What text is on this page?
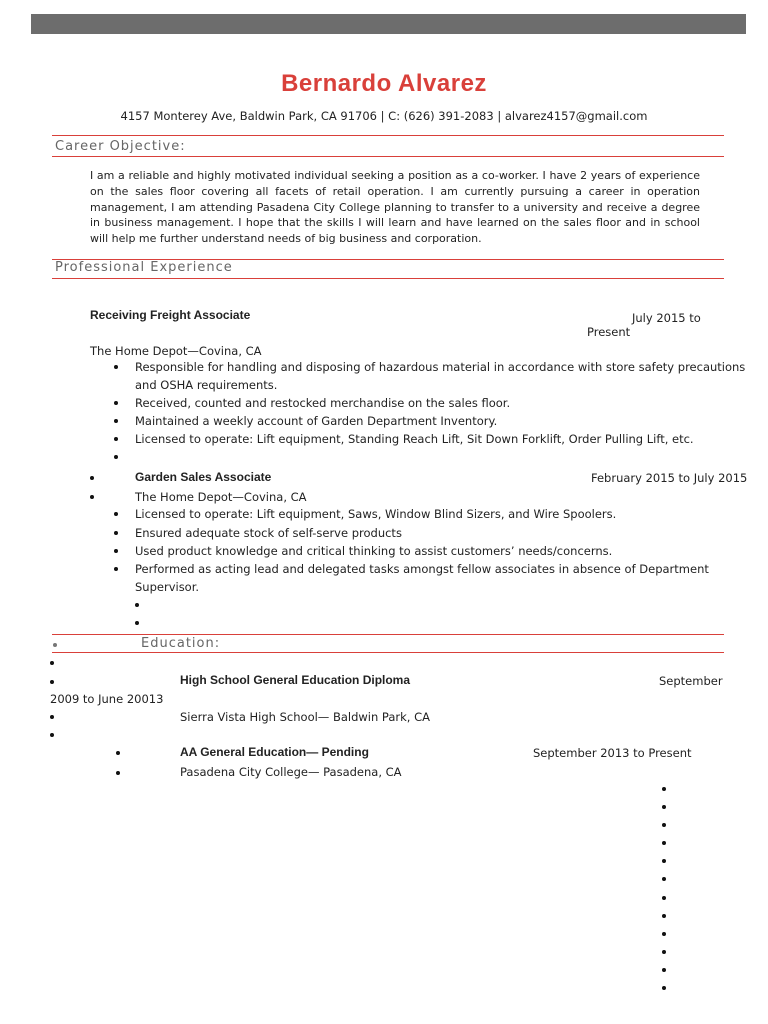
Bernardo Alvarez
4157 Monterey Ave, Baldwin Park, CA 91706 | C: (626) 391-2083 | alvarez4157@gmail.com
Career Objective:

I am a reliable and highly motivated individual seeking a position as a co-worker. I have 2 years of experience on the sales floor covering all facets of retail operation. I am currently pursuing a career in operation management, I am attending Pasadena City College planning to transfer to a university and receive a degree in business management. I hope that the skills I will learn and have learned on the sales floor and in school will help me further understand needs of big business and corporation.

Professional Experience
Receiving Freight Associate	July 2015 to
Present
The Home Depot—Covina, CA
Responsible for handling and disposing of hazardous material in accordance with store safety precautions
and OSHA requirements.
Received, counted and restocked merchandise on the sales floor.
Maintained a weekly account of Garden Department Inventory.
Licensed to operate: Lift equipment, Standing Reach Lift, Sit Down Forklift, Order Pulling Lift, etc.
Garden Sales Associate	February 2015 to July 2015
The Home Depot—Covina, CA
Licensed to operate: Lift equipment, Saws, Window Blind Sizers, and Wire Spoolers.
Ensured adequate stock of self-serve products
Used product knowledge and critical thinking to assist customers’ needs/concerns.
Performed as acting lead and delegated tasks amongst fellow associates in absence of Department
Supervisor.
Education:
High School General Education Diploma	September
2009 to June 20013
Sierra Vista High School— Baldwin Park, CA
AA General Education— Pending	September 2013 to Present
Pasadena City College— Pasadena, CA
